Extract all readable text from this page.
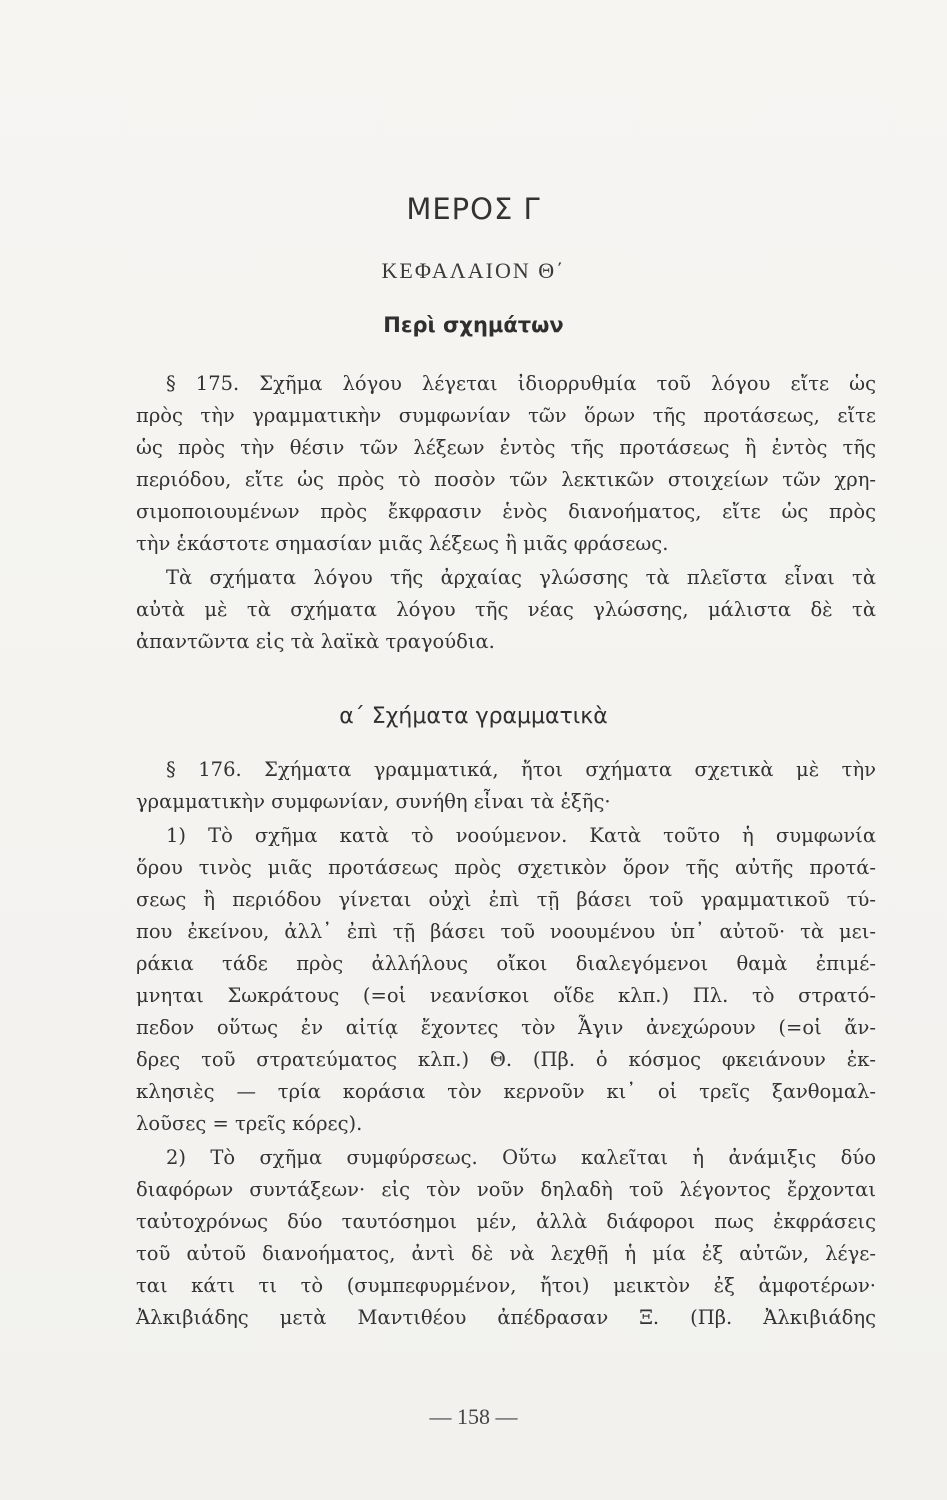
ΜΕΡΟΣ Γ
ΚΕΦΑΛΑΙΟΝ Θ΄
Περὶ σχημάτων
§ 175. Σχῆμα λόγου λέγεται ἰδιορρυθμία τοῦ λόγου εἴτε ὡς
πρὸς τὴν γραμματικὴν συμφωνίαν τῶν ὅρων τῆς προτάσεως, εἴτε
ὡς πρὸς τὴν θέσιν τῶν λέξεων ἐντὸς τῆς προτάσεως ἢ ἐντὸς τῆς
περιόδου, εἴτε ὡς πρὸς τὸ ποσὸν τῶν λεκτικῶν στοιχείων τῶν χρη-
σιμοποιουμένων πρὸς ἔκφρασιν ἑνὸς διανοήματος, εἴτε ὡς πρὸς
τὴν ἑκάστοτε σημασίαν μιᾶς λέξεως ἢ μιᾶς φράσεως.
Τὰ σχήματα λόγου τῆς ἀρχαίας γλώσσης τὰ πλεῖστα εἶναι τὰ
αὐτὰ μὲ τὰ σχήματα λόγου τῆς νέας γλώσσης, μάλιστα δὲ τὰ
ἀπαντῶντα εἰς τὰ λαϊκὰ τραγούδια.
α΄ Σχήματα γραμματικὰ
§ 176. Σχήματα γραμματικά, ἤτοι σχήματα σχετικὰ μὲ τὴν
γραμματικὴν συμφωνίαν, συνήθη εἶναι τὰ ἑξῆς·
1) Τὸ σχῆμα κατὰ τὸ νοούμενον. Κατὰ τοῦτο ἡ συμφωνία
ὅρου τινὸς μιᾶς προτάσεως πρὸς σχετικὸν ὅρον τῆς αὐτῆς προτά-
σεως ἢ περιόδου γίνεται οὐχὶ ἐπὶ τῇ βάσει τοῦ γραμματικοῦ τύ-
που ἐκείνου, ἀλλ᾽ ἐπὶ τῇ βάσει τοῦ νοουμένου ὑπ᾽ αὐτοῦ· τὰ μει-
ράκια τάδε πρὸς ἀλλήλους οἴκοι διαλεγόμενοι θαμὰ ἐπιμέ-
μνηται Σωκράτους (=οἱ νεανίσκοι οἵδε κλπ.) Πλ. τὸ στρατό-
πεδον οὕτως ἐν αἰτίᾳ ἔχοντες τὸν Ἆγιν ἀνεχώρουν (=οἱ ἄν-
δρες τοῦ στρατεύματος κλπ.) Θ. (Πβ. ὁ κόσμος φκειάνουν ἐκ-
κλησιὲς — τρία κοράσια τὸν κερνοῦν κι᾽ οἱ τρεῖς ξανθομαλ-
λοῦσες = τρεῖς κόρες).
2) Τὸ σχῆμα συμφύρσεως. Οὕτω καλεῖται ἡ ἀνάμιξις δύο
διαφόρων συντάξεων· εἰς τὸν νοῦν δηλαδὴ τοῦ λέγοντος ἔρχονται
ταὐτοχρόνως δύο ταυτόσημοι μέν, ἀλλὰ διάφοροι πως ἐκφράσεις
τοῦ αὐτοῦ διανοήματος, ἀντὶ δὲ νὰ λεχθῇ ἡ μία ἐξ αὐτῶν, λέγε-
ται κάτι τι τὸ (συμπεφυρμένον, ἤτοι) μεικτὸν ἐξ ἀμφοτέρων·
Ἀλκιβιάδης μετὰ Μαντιθέου ἀπέδρασαν Ξ. (Πβ. Ἀλκιβιάδης
— 158 —
